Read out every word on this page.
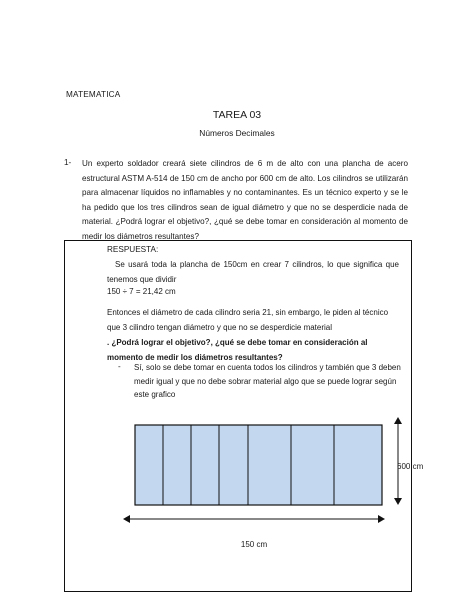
MATEMATICA
TAREA 03
Números Decimales
1- Un experto soldador creará siete cilindros de 6 m de alto con una plancha de acero estructural ASTM A-514 de 150 cm de ancho por 600 cm de alto. Los cilindros se utilizarán para almacenar líquidos no inflamables y no contaminantes. Es un técnico experto y se le ha pedido que los tres cilindros sean de igual diámetro y que no se desperdicie nada de material. ¿Podrá lograr el objetivo?, ¿qué se debe tomar en consideración al momento de medir los diámetros resultantes?
RESPUESTA:
Se usará toda la plancha de 150cm en crear 7 cilindros, lo que significa que tenemos que dividir
150 ÷ 7 = 21,42 cm
Entonces el diámetro de cada cilindro seria 21, sin embargo, le piden al técnico que 3 cilindro tengan diámetro y que no se desperdicie material
. ¿Podrá lograr el objetivo?, ¿qué se debe tomar en consideración al momento de medir los diámetros resultantes?
- Sí, solo se debe tomar en cuenta todos los cilindros y también que 3 deben medir igual y que no debe sobrar material algo que se puede lograr según este grafico
600 cm
150 cm
